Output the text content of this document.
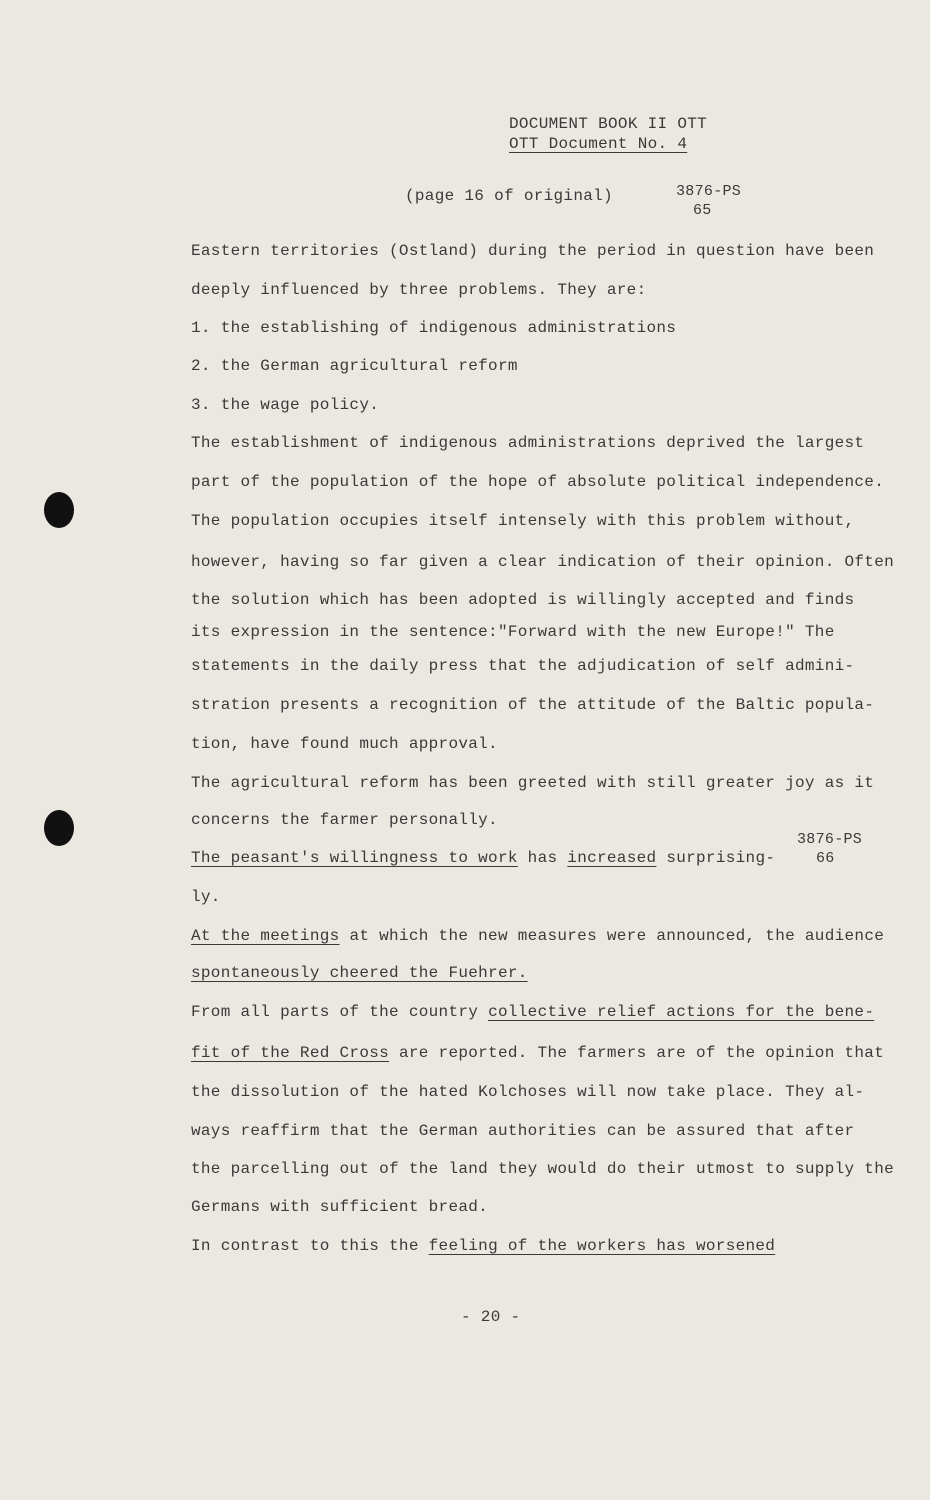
DOCUMENT BOOK II OTT
OTT Document No. 4
(page 16 of original)	3876-PS
65
Eastern territories (Ostland) during the period in question have been
deeply influenced by three problems. They are:
1. the establishing of indigenous administrations
2. the German agricultural reform
3. the wage policy.
The establishment of indigenous administrations deprived the largest
part of the population of the hope of absolute political independence.
The population occupies itself intensely with this problem without,
however, having so far given a clear indication of their opinion. Often
the solution which has been adopted is willingly accepted and finds
its expression in the sentence:"Forward with the new Europe!" The
statements in the daily press that the adjudication of self admini-
stration presents a recognition of the attitude of the Baltic popula-
tion, have found much approval.
The agricultural reform has been greeted with still greater joy as it
concerns the farmer personally.
3876-PS
66
The peasant's willingness to work has increased surprising-
ly.
At the meetings at which the new measures were announced, the audience
spontaneously cheered the Fuehrer.
From all parts of the country collective relief actions for the bene-
fit of the Red Cross are reported. The farmers are of the opinion that
the dissolution of the hated Kolchoses will now take place. They al-
ways reaffirm that the German authorities can be assured that after
the parcelling out of the land they would do their utmost to supply the
Germans with sufficient bread.
In contrast to this the feeling of the workers has worsened
- 20 -
